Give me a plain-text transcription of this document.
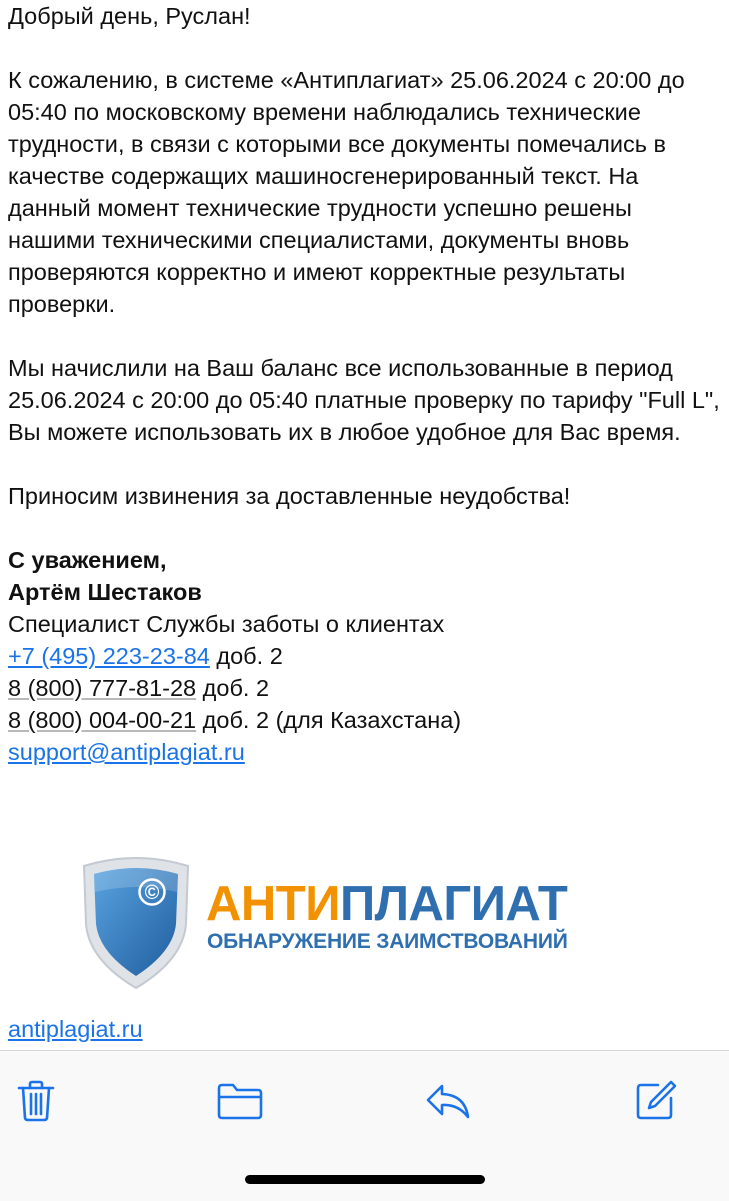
Добрый день, Руслан!

К сожалению, в системе «Антиплагиат» 25.06.2024 с 20:00 до 05:40 по московскому времени наблюдались технические трудности, в связи с которыми все документы помечались в качестве содержащих машиносгенерированный текст. На данный момент технические трудности успешно решены нашими техническими специалистами, документы вновь проверяются корректно и имеют корректные результаты проверки.

Мы начислили на Ваш баланс все использованные в период 25.06.2024 с 20:00 до 05:40 платные проверку по тарифу "Full L", Вы можете использовать их в любое удобное для Вас время.

Приносим извинения за доставленные неудобства!

С уважением,
Артём Шестаков
Специалист Службы заботы о клиентах
+7 (495) 223-23-84 доб. 2
8 (800) 777-81-28 доб. 2
8 (800) 004-00-21 доб. 2 (для Казахстана)
support@antiplagiat.ru
© АНТИПЛАГИАТ
ОБНАРУЖЕНИЕ ЗАИМСТВОВАНИЙ
antiplagiat.ru
